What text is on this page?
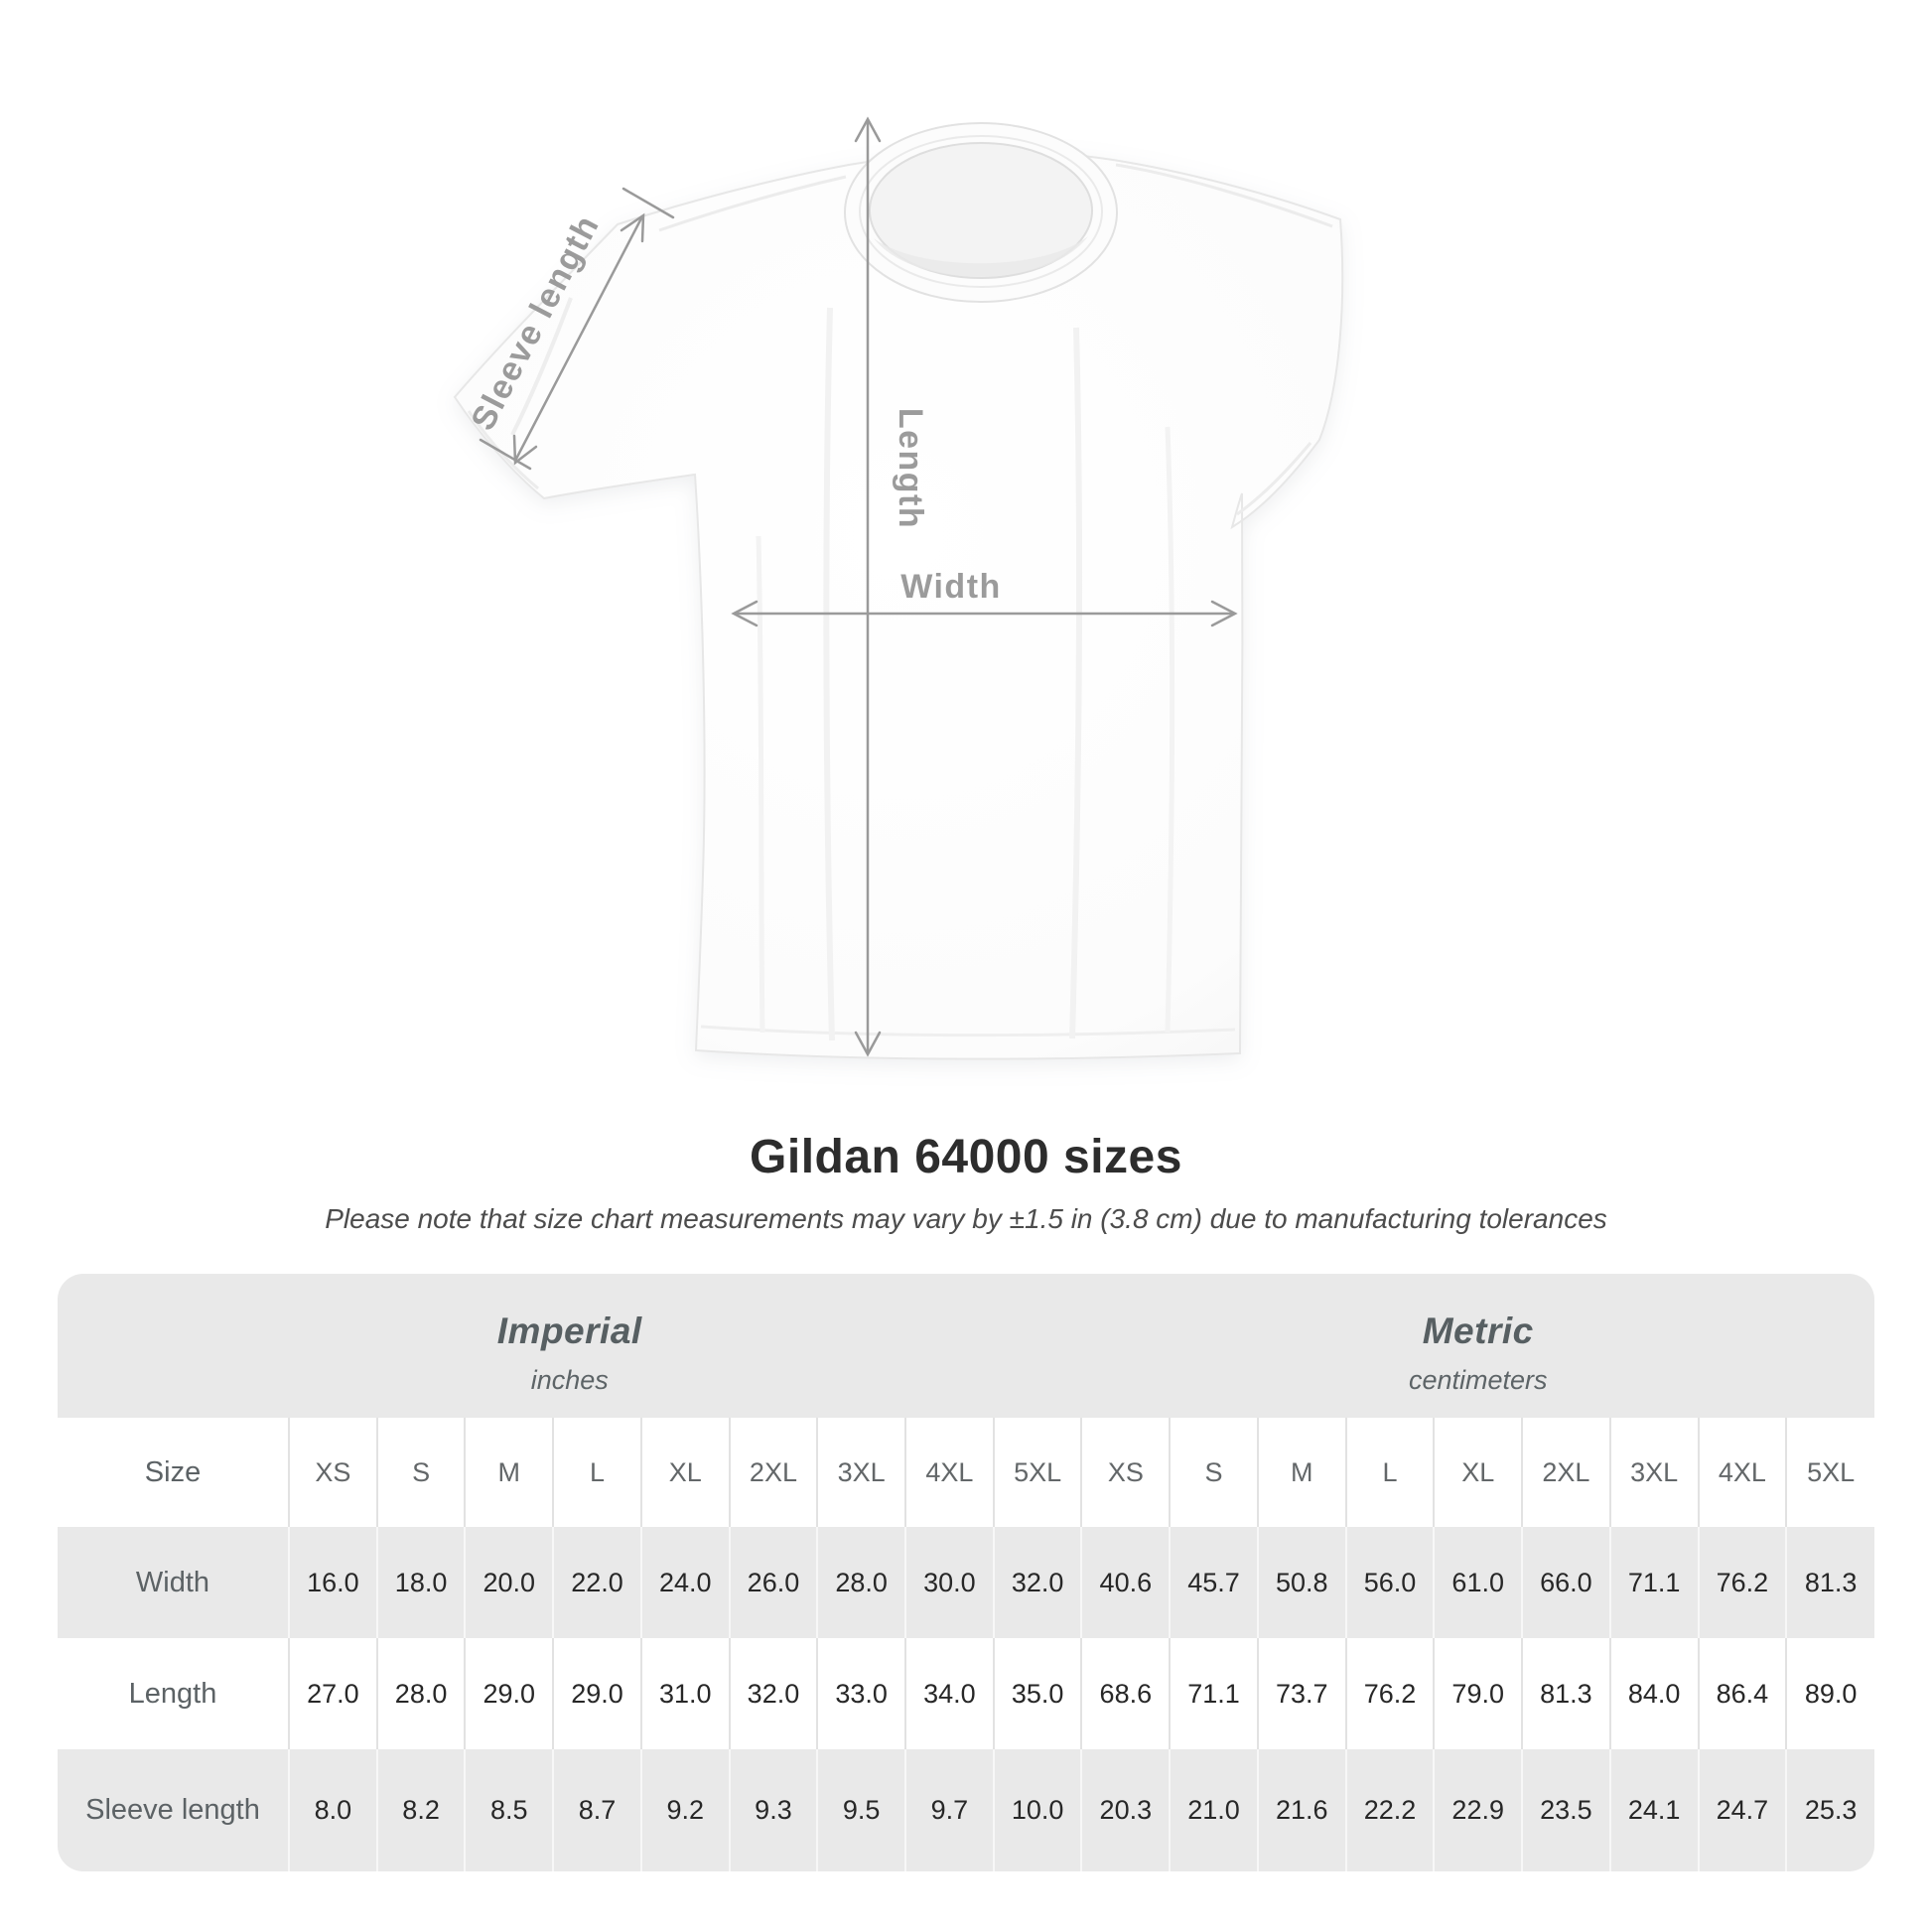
Sleeve length
Length
Width
Gildan 64000 sizes
Please note that size chart measurements may vary by ±1.5 in (3.8 cm) due to manufacturing tolerances
Imperial
inches

Metric
centimeters

Size	XS	S	M	L	XL	2XL	3XL	4XL	5XL	XS	S	M	L	XL	2XL	3XL	4XL	5XL
Width	16.0	18.0	20.0	22.0	24.0	26.0	28.0	30.0	32.0	40.6	45.7	50.8	56.0	61.0	66.0	71.1	76.2	81.3
Length	27.0	28.0	29.0	29.0	31.0	32.0	33.0	34.0	35.0	68.6	71.1	73.7	76.2	79.0	81.3	84.0	86.4	89.0
Sleeve length	8.0	8.2	8.5	8.7	9.2	9.3	9.5	9.7	10.0	20.3	21.0	21.6	22.2	22.9	23.5	24.1	24.7	25.3
